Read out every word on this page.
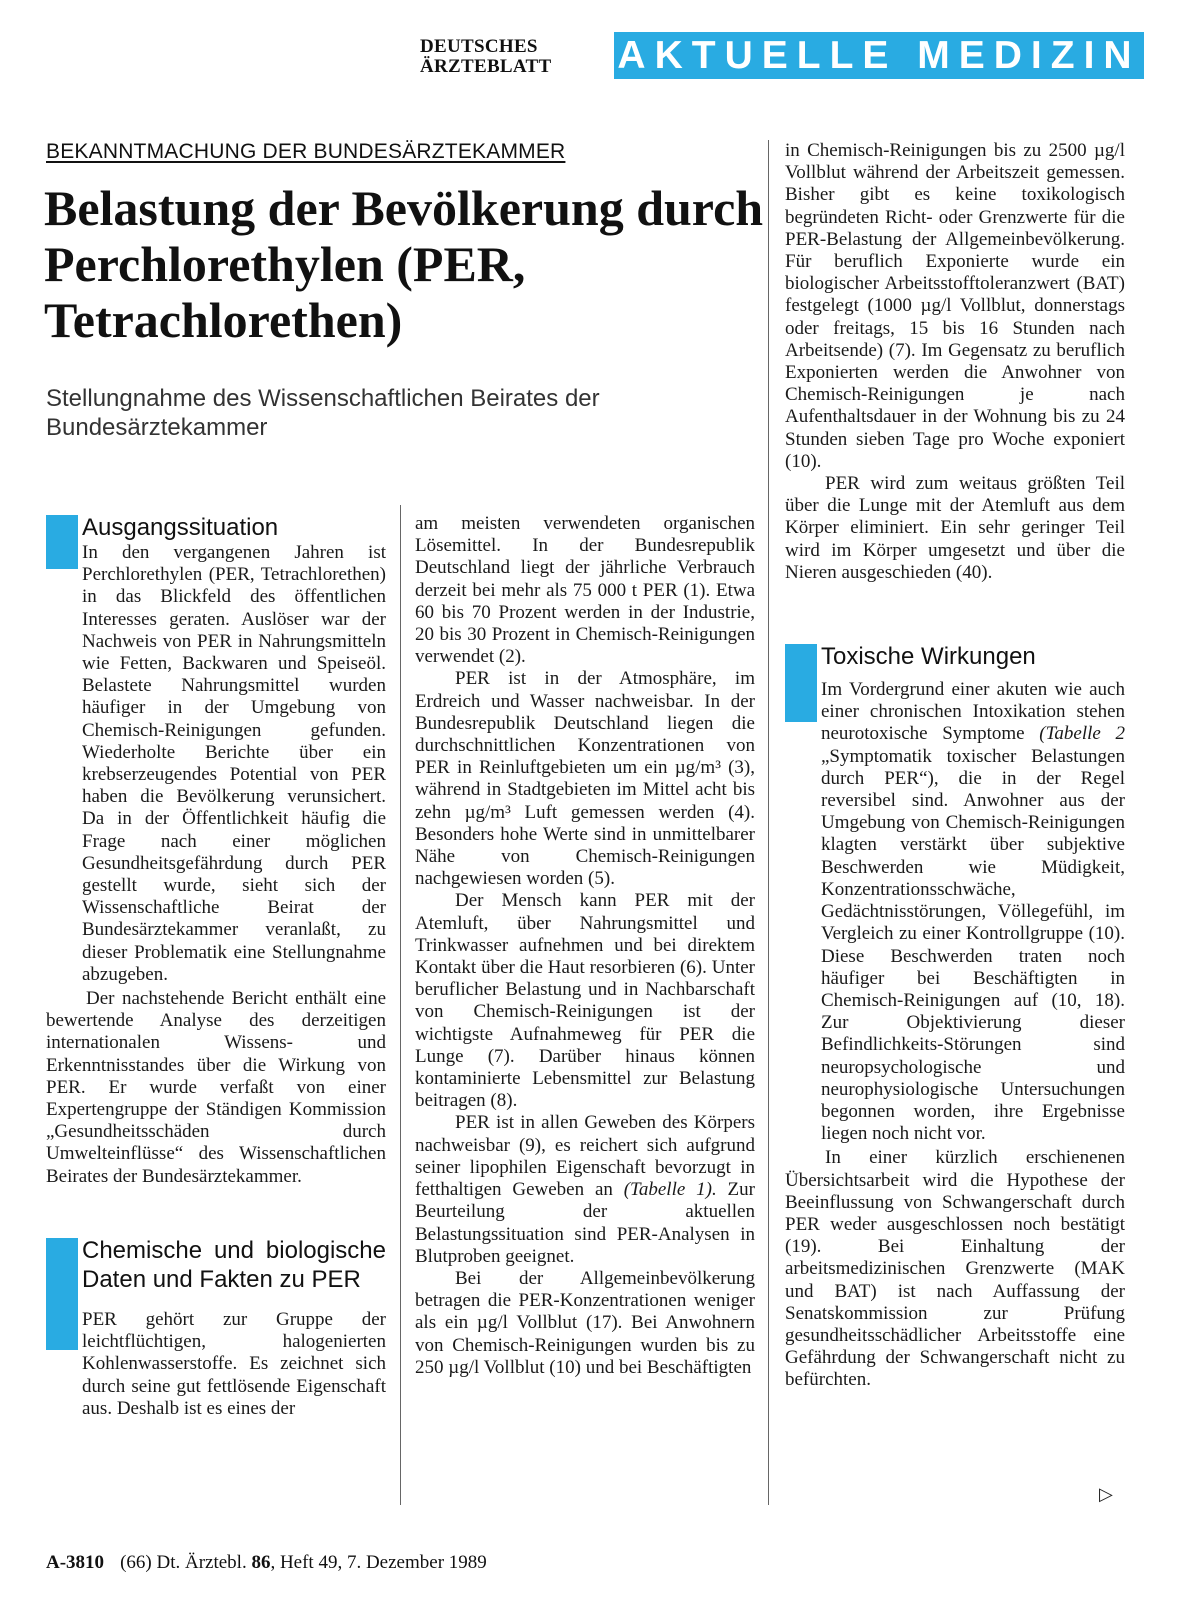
DEUTSCHES
ÄRZTEBLATT	AKTUELLE MEDIZIN
BEKANNTMACHUNG DER BUNDESÄRZTEKAMMER
Belastung der Bevölkerung durch Perchlorethylen (PER, Tetrachlorethen)
Stellungnahme des Wissenschaftlichen Beirates der Bundesärztekammer
Ausgangssituation

In den vergangenen Jahren ist Perchlorethylen (PER, Tetrachlorethen) in das Blickfeld des öffentlichen Interesses geraten. Auslöser war der Nachweis von PER in Nahrungsmitteln wie Fetten, Backwaren und Speiseöl. Belastete Nahrungsmittel wurden häufiger in der Umgebung von Chemisch-Reinigungen gefunden. Wiederholte Berichte über ein krebserzeugendes Potential von PER haben die Bevölkerung verunsichert. Da in der Öffentlichkeit häufig die Frage nach einer möglichen Gesundheitsgefährdung durch PER gestellt wurde, sieht sich der Wissenschaftliche Beirat der Bundesärztekammer veranlaßt, zu dieser Problematik eine Stellungnahme abzugeben.

Der nachstehende Bericht enthält eine bewertende Analyse des derzeitigen internationalen Wissens- und Erkenntnisstandes über die Wirkung von PER. Er wurde verfaßt von einer Expertengruppe der Ständigen Kommission „Gesundheitsschäden durch Umwelteinflüsse“ des Wissenschaftlichen Beirates der Bundesärztekammer.

Chemische und biologische Daten und Fakten zu PER

PER gehört zur Gruppe der leichtflüchtigen, halogenierten Kohlenwasserstoffe. Es zeichnet sich durch seine gut fettlösende Eigenschaft aus. Deshalb ist es eines der

am meisten verwendeten organischen Lösemittel. In der Bundesrepublik Deutschland liegt der jährliche Verbrauch derzeit bei mehr als 75 000 t PER (1). Etwa 60 bis 70 Prozent werden in der Industrie, 20 bis 30 Prozent in Chemisch-Reinigungen verwendet (2).

PER ist in der Atmosphäre, im Erdreich und Wasser nachweisbar. In der Bundesrepublik Deutschland liegen die durchschnittlichen Konzentrationen von PER in Reinluftgebieten um ein µg/m³ (3), während in Stadtgebieten im Mittel acht bis zehn µg/m³ Luft gemessen werden (4). Besonders hohe Werte sind in unmittelbarer Nähe von Chemisch-Reinigungen nachgewiesen worden (5).

Der Mensch kann PER mit der Atemluft, über Nahrungsmittel und Trinkwasser aufnehmen und bei direktem Kontakt über die Haut resorbieren (6). Unter beruflicher Belastung und in Nachbarschaft von Chemisch-Reinigungen ist der wichtigste Aufnahmeweg für PER die Lunge (7). Darüber hinaus können kontaminierte Lebensmittel zur Belastung beitragen (8).

PER ist in allen Geweben des Körpers nachweisbar (9), es reichert sich aufgrund seiner lipophilen Eigenschaft bevorzugt in fetthaltigen Geweben an (Tabelle 1). Zur Beurteilung der aktuellen Belastungssituation sind PER-Analysen in Blutproben geeignet.

Bei der Allgemeinbevölkerung betragen die PER-Konzentrationen weniger als ein µg/l Vollblut (17). Bei Anwohnern von Chemisch-Reinigungen wurden bis zu 250 µg/l Vollblut (10) und bei Beschäftigten

in Chemisch-Reinigungen bis zu 2500 µg/l Vollblut während der Arbeitszeit gemessen. Bisher gibt es keine toxikologisch begründeten Richt- oder Grenzwerte für die PER-Belastung der Allgemeinbevölkerung. Für beruflich Exponierte wurde ein biologischer Arbeitsstofftoleranzwert (BAT) festgelegt (1000 µg/l Vollblut, donnerstags oder freitags, 15 bis 16 Stunden nach Arbeitsende) (7). Im Gegensatz zu beruflich Exponierten werden die Anwohner von Chemisch-Reinigungen je nach Aufenthaltsdauer in der Wohnung bis zu 24 Stunden sieben Tage pro Woche exponiert (10).

PER wird zum weitaus größten Teil über die Lunge mit der Atemluft aus dem Körper eliminiert. Ein sehr geringer Teil wird im Körper umgesetzt und über die Nieren ausgeschieden (40).

Toxische Wirkungen

Im Vordergrund einer akuten wie auch einer chronischen Intoxikation stehen neurotoxische Symptome (Tabelle 2 „Symptomatik toxischer Belastungen durch PER“), die in der Regel reversibel sind. Anwohner aus der Umgebung von Chemisch-Reinigungen klagten verstärkt über subjektive Beschwerden wie Müdigkeit, Konzentrationsschwäche, Gedächtnisstörungen, Völlegefühl, im Vergleich zu einer Kontrollgruppe (10). Diese Beschwerden traten noch häufiger bei Beschäftigten in Chemisch-Reinigungen auf (10, 18). Zur Objektivierung dieser Befindlichkeits-Störungen sind neuropsychologische und neurophysiologische Untersuchungen begonnen worden, ihre Ergebnisse liegen noch nicht vor.

In einer kürzlich erschienenen Übersichtsarbeit wird die Hypothese der Beeinflussung von Schwangerschaft durch PER weder ausgeschlossen noch bestätigt (19). Bei Einhaltung der arbeitsmedizinischen Grenzwerte (MAK und BAT) ist nach Auffassung der Senatskommission zur Prüfung gesundheitsschädlicher Arbeitsstoffe eine Gefährdung der Schwangerschaft nicht zu befürchten.

▷
A-3810 (66) Dt. Ärztebl. 86, Heft 49, 7. Dezember 1989
